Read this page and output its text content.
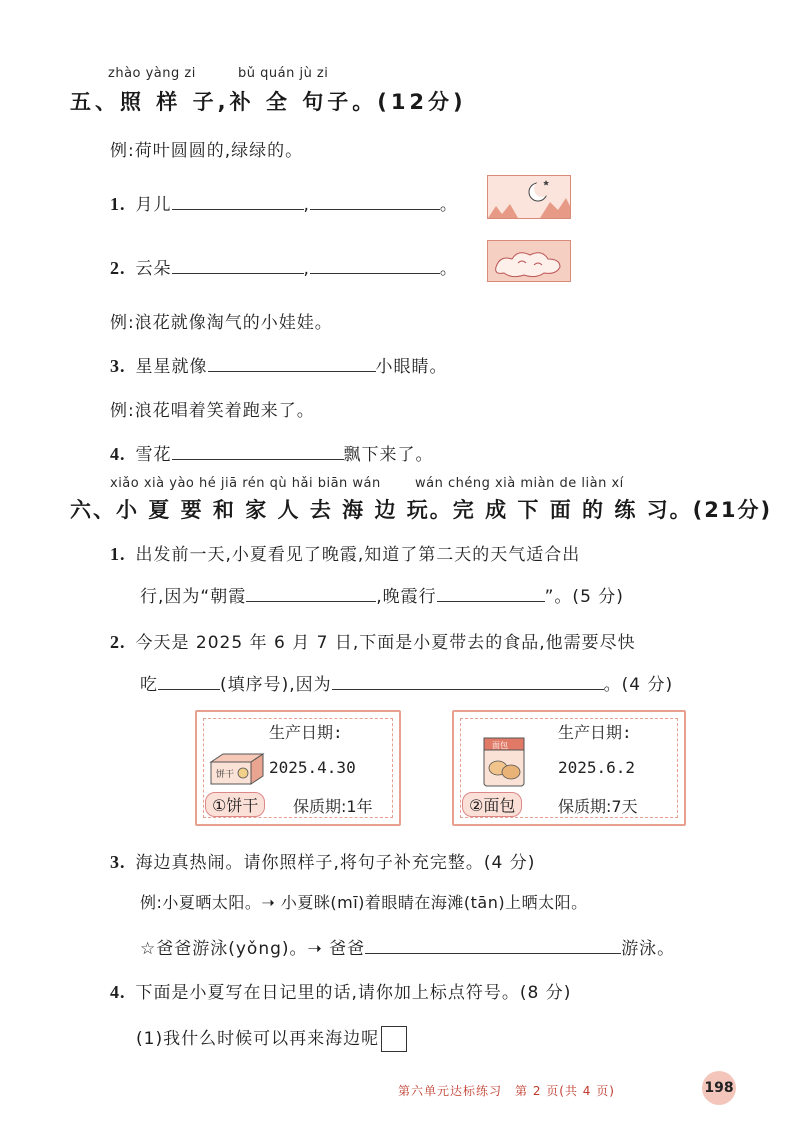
zhào yàng zi	bǔ quán jù zi
五、照 样 子,补 全 句子。(12分)
例:荷叶圆圆的,绿绿的。
1. 月儿	,	。
2. 云朵	,	。
例:浪花就像淘气的小娃娃。
3. 星星就像	小眼睛。
例:浪花唱着笑着跑来了。
4. 雪花	飘下来了。
xiǎo xià yào hé jiā rén qù hǎi biān wán	wán chéng xià miàn de liàn xí
六、小 夏 要 和 家 人 去 海 边 玩。完 成 下 面 的 练 习。(21分)
1. 出发前一天,小夏看见了晚霞,知道了第二天的天气适合出
行,因为“朝霞	,晚霞行	”。(5 分)
2. 今天是 2025 年 6 月 7 日,下面是小夏带去的食品,他需要尽快
吃	(填序号),因为	。(4 分)
生产日期:
2025.4.30
饼干
①饼干	保质期:1年
生产日期:
2025.6.2
面包
②面包	保质期:7天
3. 海边真热闹。请你照样子,将句子补充完整。(4 分)
例:小夏晒太阳。➝ 小夏眯(mī)着眼睛在海滩(tān)上晒太阳。
☆爸爸游泳(yǒng)。➝ 爸爸	游泳。
4. 下面是小夏写在日记里的话,请你加上标点符号。(8 分)
(1)我什么时候可以再来海边呢
第六单元达标练习　第 2 页(共 4 页)	198
